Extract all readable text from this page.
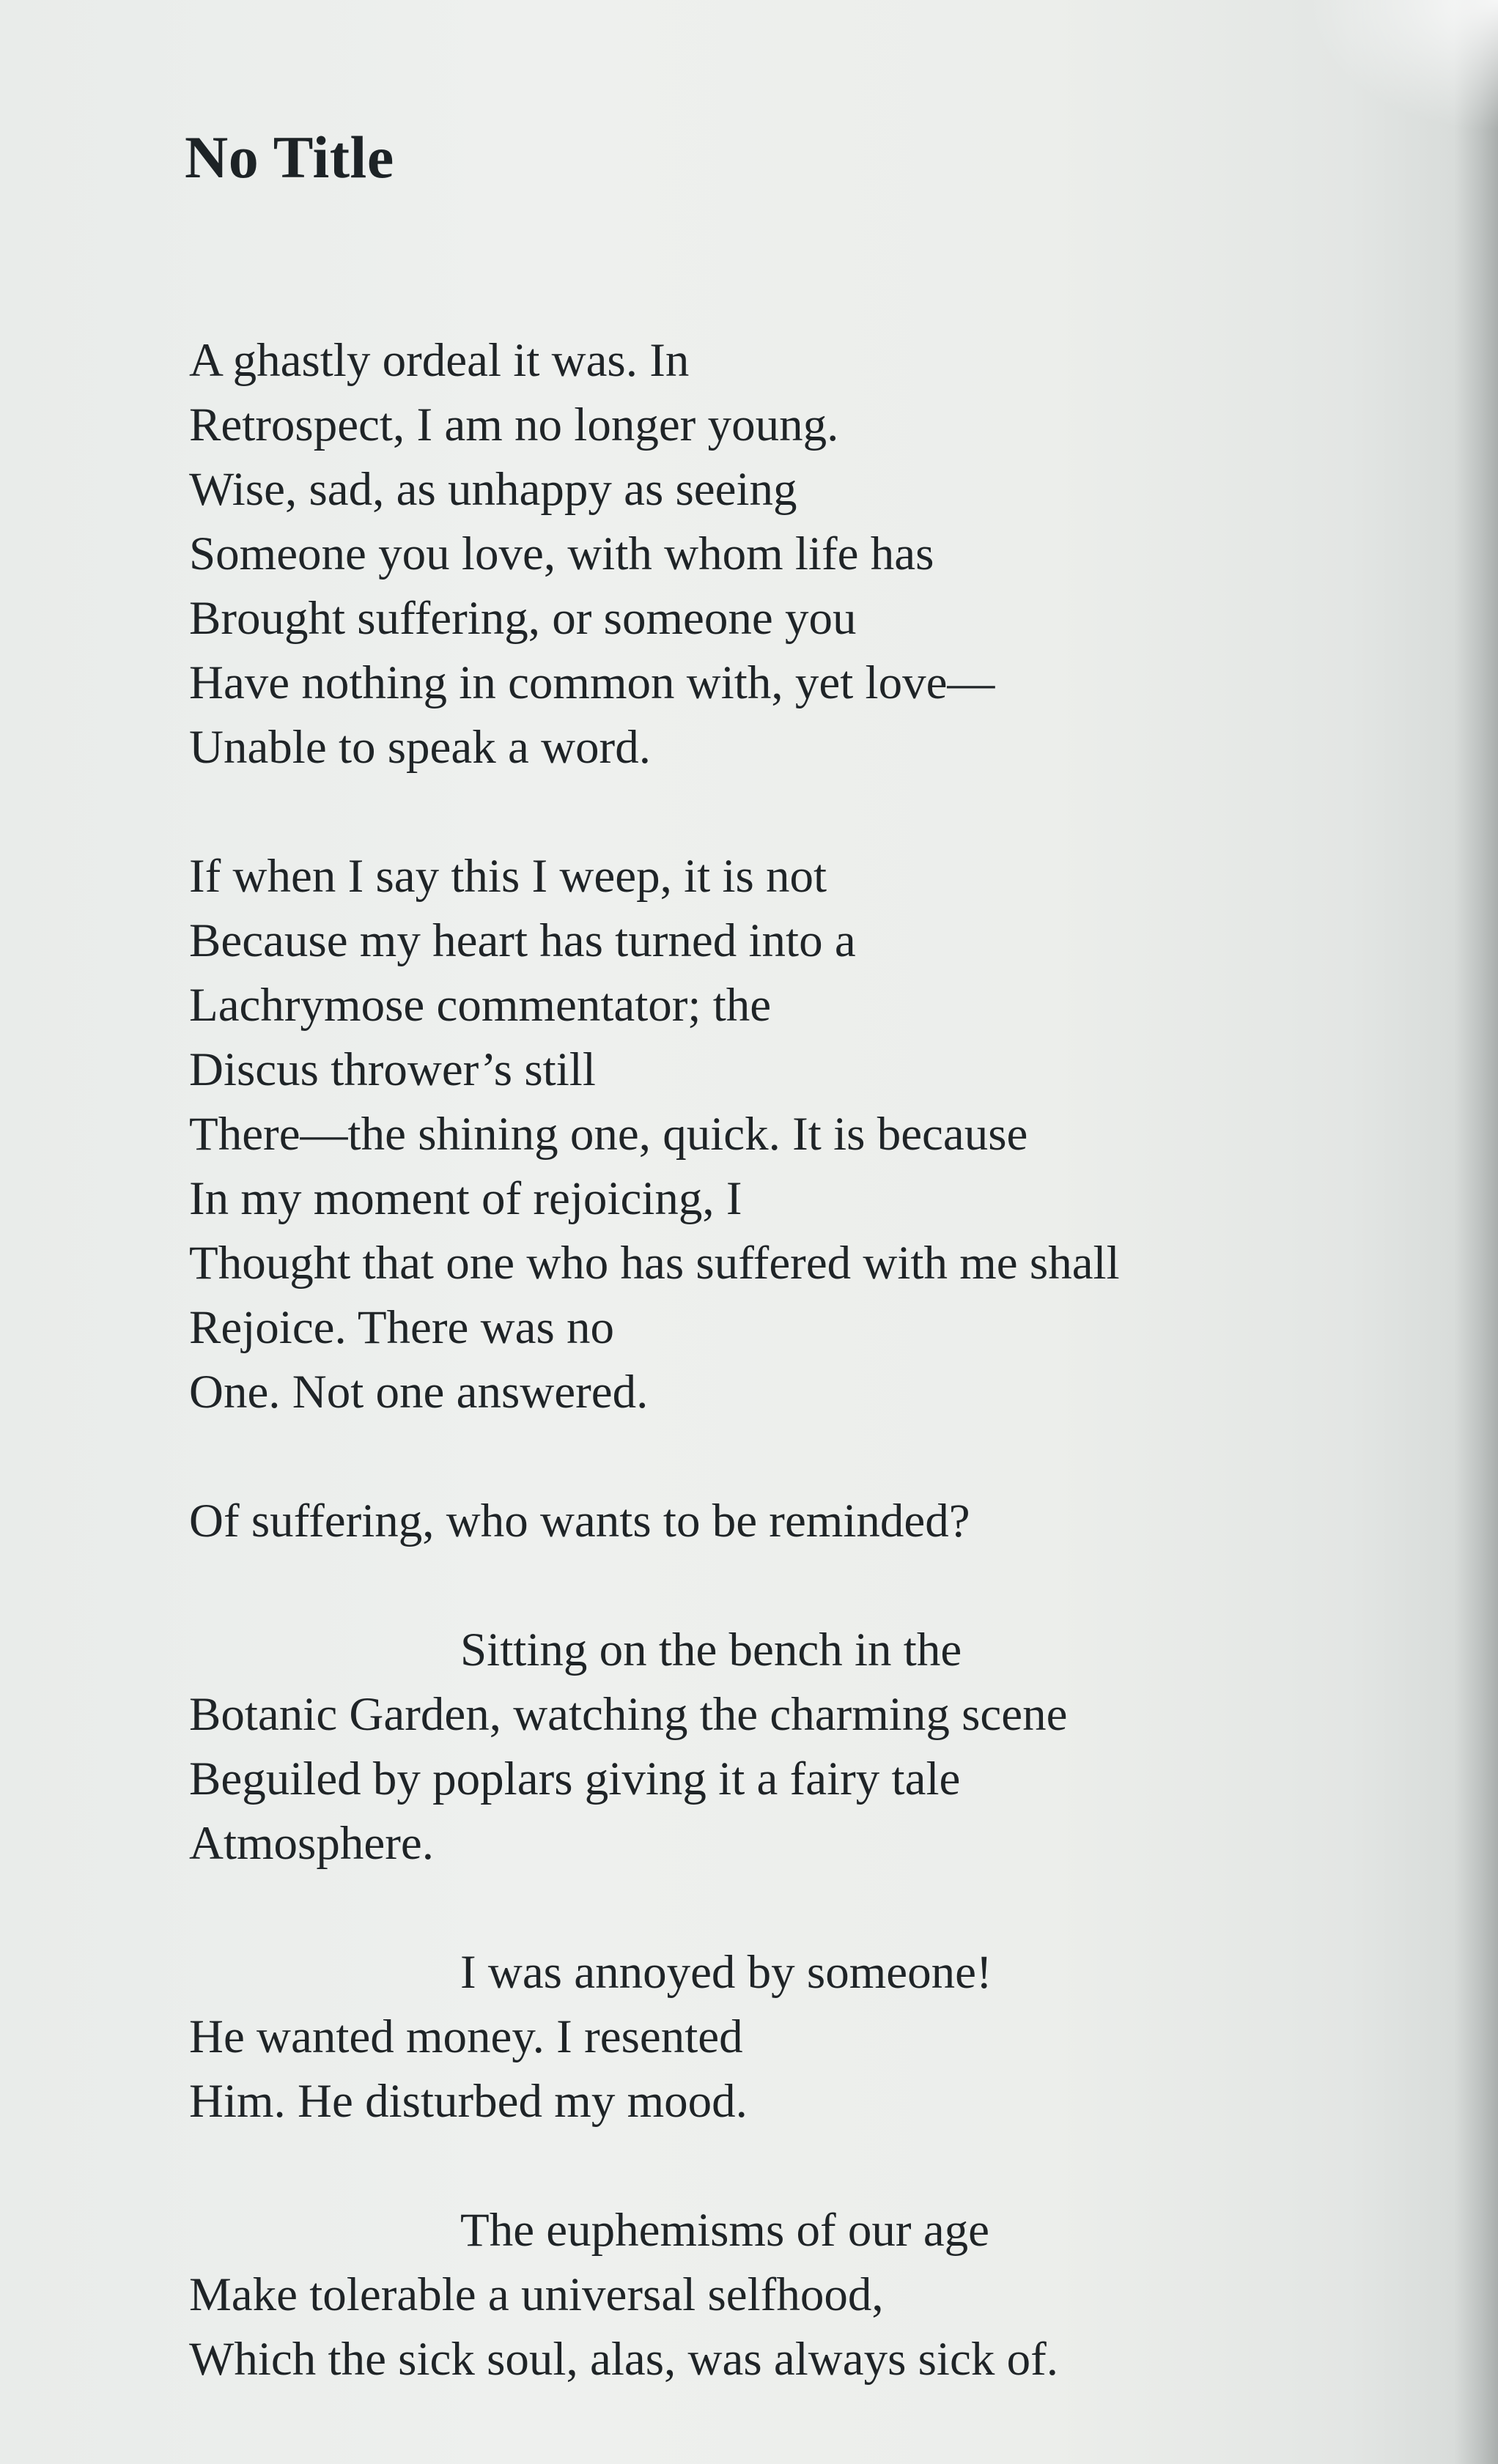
No Title
A ghastly ordeal it was. In
Retrospect, I am no longer young.
Wise, sad, as unhappy as seeing
Someone you love, with whom life has
Brought suffering, or someone you
Have nothing in common with, yet love—
Unable to speak a word.
If when I say this I weep, it is not
Because my heart has turned into a
Lachrymose commentator; the
Discus thrower’s still
There—the shining one, quick. It is because
In my moment of rejoicing, I
Thought that one who has suffered with me shall
Rejoice. There was no
One. Not one answered.
Of suffering, who wants to be reminded?
Sitting on the bench in the
Botanic Garden, watching the charming scene
Beguiled by poplars giving it a fairy tale
Atmosphere.
I was annoyed by someone!
He wanted money. I resented
Him. He disturbed my mood.
The euphemisms of our age
Make tolerable a universal selfhood,
Which the sick soul, alas, was always sick of.
